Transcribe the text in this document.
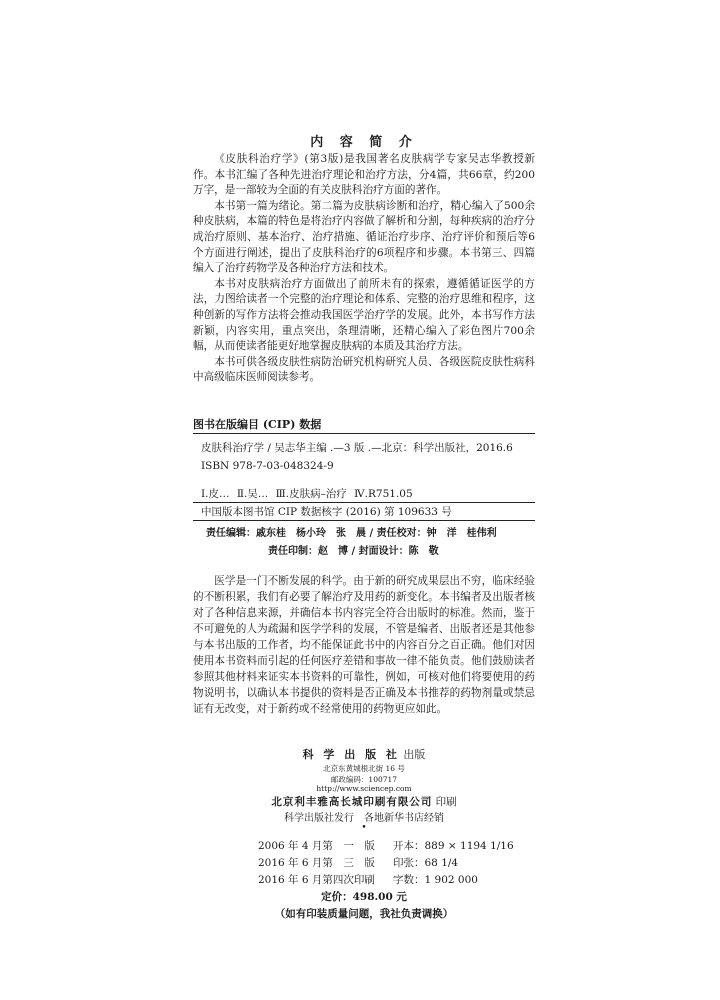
内 容 简 介

《皮肤科治疗学》(第3版)是我国著名皮肤病学专家吴志华教授新作。本书汇编了各种先进治疗理论和治疗方法，分4篇，共66章，约200万字，是一部较为全面的有关皮肤科治疗方面的著作。

本书第一篇为绪论。第二篇为皮肤病诊断和治疗，精心编入了500余种皮肤病，本篇的特色是将治疗内容做了解析和分割，每种疾病的治疗分成治疗原则、基本治疗、治疗措施、循证治疗步序、治疗评价和预后等6个方面进行阐述，提出了皮肤科治疗的6项程序和步骤。本书第三、四篇编入了治疗药物学及各种治疗方法和技术。

本书对皮肤病治疗方面做出了前所未有的探索，遵循循证医学的方法，力图给读者一个完整的治疗理论和体系、完整的治疗思维和程序，这种创新的写作方法将会推动我国医学治疗学的发展。此外，本书写作方法新颖，内容实用，重点突出，条理清晰，还精心编入了彩色图片700余幅，从而使读者能更好地掌握皮肤病的本质及其治疗方法。

本书可供各级皮肤性病防治研究机构研究人员、各级医院皮肤性病科中高级临床医师阅读参考。

图书在版编目 (CIP) 数据
皮肤科治疗学 / 吴志华主编 .—3 版 .—北京：科学出版社，2016.6
ISBN 978-7-03-048324-9
Ⅰ.皮… Ⅱ.吴… Ⅲ.皮肤病–治疗 Ⅳ.R751.05
中国版本图书馆 CIP 数据核字 (2016) 第 109633 号
责任编辑：戚东桂　杨小玲　张　晨 / 责任校对：钟　洋　桂伟利
责任印制：赵　博 / 封面设计：陈　敬

医学是一门不断发展的科学。由于新的研究成果层出不穷，临床经验的不断积累，我们有必要了解治疗及用药的新变化。本书编者及出版者核对了各种信息来源，并确信本书内容完全符合出版时的标准。然而，鉴于不可避免的人为疏漏和医学学科的发展，不管是编者、出版者还是其他参与本书出版的工作者，均不能保证此书中的内容百分之百正确。他们对因使用本书资料而引起的任何医疗差错和事故一律不能负责。他们鼓励读者参照其他材料来证实本书资料的可靠性，例如，可核对他们将要使用的药物说明书，以确认本书提供的资料是否正确及本书推荐的药物剂量或禁忌证有无改变，对于新药或不经常使用的药物更应如此。

科 学 出 版 社 出版
北京东黄城根北街 16 号
邮政编码：100717
http://www.sciencep.com
北京利丰雅高长城印刷有限公司 印刷
科学出版社发行　各地新华书店经销
•
2006 年 4 月第　一　版 开本：889 × 1194 1/16
2016 年 6 月第　三　版 印张：68 1/4
2016 年 6 月第四次印刷 字数：1 902 000
定价：498.00 元
（如有印装质量问题，我社负责调换）
